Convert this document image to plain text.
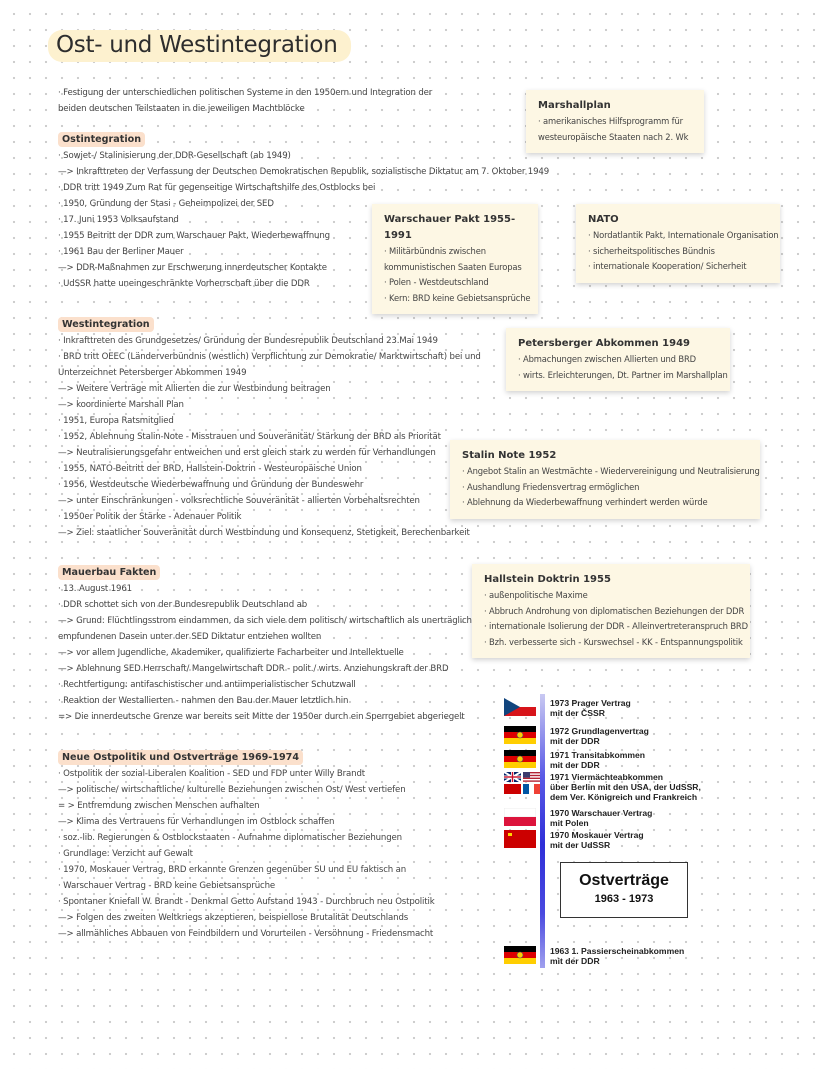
Ost- und Westintegration
· Festigung der unterschiedlichen politischen Systeme in den 1950ern und Integration der
beiden deutschen Teilstaaten in die jeweiligen Machtblöcke
Ostintegration
· Sowjet-/ Stalinisierung der DDR-Gesellschaft (ab 1949)
—> Inkrafttreten der Verfassung der Deutschen Demokratischen Republik, sozialistische Diktatur am 7. Oktober 1949
· DDR tritt 1949 Zum Rat für gegenseitige Wirtschaftshilfe des Ostblocks bei
· 1950, Gründung der Stasi - Geheimpolizei der SED
· 17. Juni 1953 Volksaufstand
· 1955 Beitritt der DDR zum Warschauer Pakt, Wiederbewaffnung
· 1961 Bau der Berliner Mauer
—> DDR-Maßnahmen zur Erschwerung innerdeutscher Kontakte
· UdSSR hatte uneingeschränkte Vorherrschaft über die DDR
Westintegration
· Inkrafttreten des Grundgesetzes/ Gründung der Bundesrepublik Deutschland 23.Mai 1949
· BRD tritt OEEC (Länderverbündnis (westlich) Verpflichtung zur Demokratie/ Marktwirtschaft) bei und
Unterzeichnet Petersberger Abkommen 1949
—> Weitere Verträge mit Allierten die zur Westbindung beitragen
—> koordinierte Marshall Plan
· 1951, Europa Ratsmitglied
· 1952, Ablehnung Stalin-Note - Misstrauen und Souveränität/ Stärkung der BRD als Priorität
—> Neutralisierungsgefahr entweichen und erst gleich stark zu werden für Verhandlungen
· 1955, NATO-Beitritt der BRD, Hallstein-Doktrin - Westeuropäische Union
· 1956, Westdeutsche Wiederbewaffnung und Gründung der Bundeswehr
—> unter Einschränkungen - volksrechtliche Souveränität - allierten Vorbehaltsrechten
· 1950er Politik der Stärke - Adenauer Politik
—> Ziel: staatlicher Souveränität durch Westbindung und Konsequenz, Stetigkeit, Berechenbarkeit
Mauerbau Fakten
· 13. August 1961
· DDR schottet sich von der Bundesrepublik Deutschland ab
—> Grund: Flüchtlingsstrom eindammen, da sich viele dem politisch/ wirtschaftlich als unerträglich
empfundenen Dasein unter der SED Diktatur entziehen wollten
—> vor allem Jugendliche, Akademiker, qualifizierte Facharbeiter und Intellektuelle
—> Ablehnung SED Herrschaft/ Mangelwirtschaft DDR - polit./ wirts. Anziehungskraft der BRD
· Rechtfertigung: antifaschistischer und antiimperialistischer Schutzwall
· Reaktion der Westallierten - nahmen den Bau der Mauer letztlich hin
=> Die innerdeutsche Grenze war bereits seit Mitte der 1950er durch ein Sperrgebiet abgeriegelt
Neue Ostpolitik und Ostverträge 1969-1974
· Ostpolitik der sozial-Liberalen Koalition - SED und FDP unter Willy Brandt
—> politische/ wirtschaftliche/ kulturelle Beziehungen zwischen Ost/ West vertiefen
= > Entfremdung zwischen Menschen aufhalten
—> Klima des Vertrauens für Verhandlungen im Ostblock schaffen
· soz.-lib. Regierungen & Ostblockstaaten - Aufnahme diplomatischer Beziehungen
· Grundlage: Verzicht auf Gewalt
· 1970, Moskauer Vertrag, BRD erkannte Grenzen gegenüber SU und EU faktisch an
· Warschauer Vertrag - BRD keine Gebietsansprüche
· Spontaner Kniefall W. Brandt - Denkmal Getto Aufstand 1943 - Durchbruch neu Ostpolitik
—> Folgen des zweiten Weltkriegs akzeptieren, beispiellose Brutalität Deutschlands
—> allmähliches Abbauen von Feindbildern und Vorurteilen - Versöhnung - Friedensmacht
Marshallplan
· amerikanisches Hilfsprogramm für
westeuropäische Staaten nach 2. Wk
Warschauer Pakt 1955-1991
· Militärbündnis zwischen
kommunistischen Saaten Europas
· Polen - Westdeutschland
· Kern: BRD keine Gebietsansprüche
NATO
· Nordatlantik Pakt, Internationale Organisation
· sicherheitspolitisches Bündnis
· internationale Kooperation/ Sicherheit
Petersberger Abkommen 1949
· Abmachungen zwischen Allierten und BRD
· wirts. Erleichterungen, Dt. Partner im Marshallplan
Stalin Note 1952
· Angebot Stalin an Westmächte - Wiedervereinigung und Neutralisierung
· Aushandlung Friedensvertrag ermöglichen
· Ablehnung da Wiederbewaffnung verhindert werden würde
Hallstein Doktrin 1955
· außenpolitische Maxime
· Abbruch Androhung von diplomatischen Beziehungen der DDR
· internationale Isolierung der DDR - Alleinvertreteranspruch BRD
· Bzh. verbesserte sich - Kurswechsel - KK - Entspannungspolitik
1973 Prager Vertrag
mit der ČSSR
1972 Grundlagenvertrag
mit der DDR
1971 Transitabkommen
mit der DDR
1971 Viermächteabkommen
über Berlin mit den USA, der UdSSR,
dem Ver. Königreich und Frankreich
1970 Warschauer Vertrag
mit Polen
1970 Moskauer Vertrag
mit der UdSSR
Ostverträge
1963 - 1973
1963 1. Passierscheinabkommen
mit der DDR
